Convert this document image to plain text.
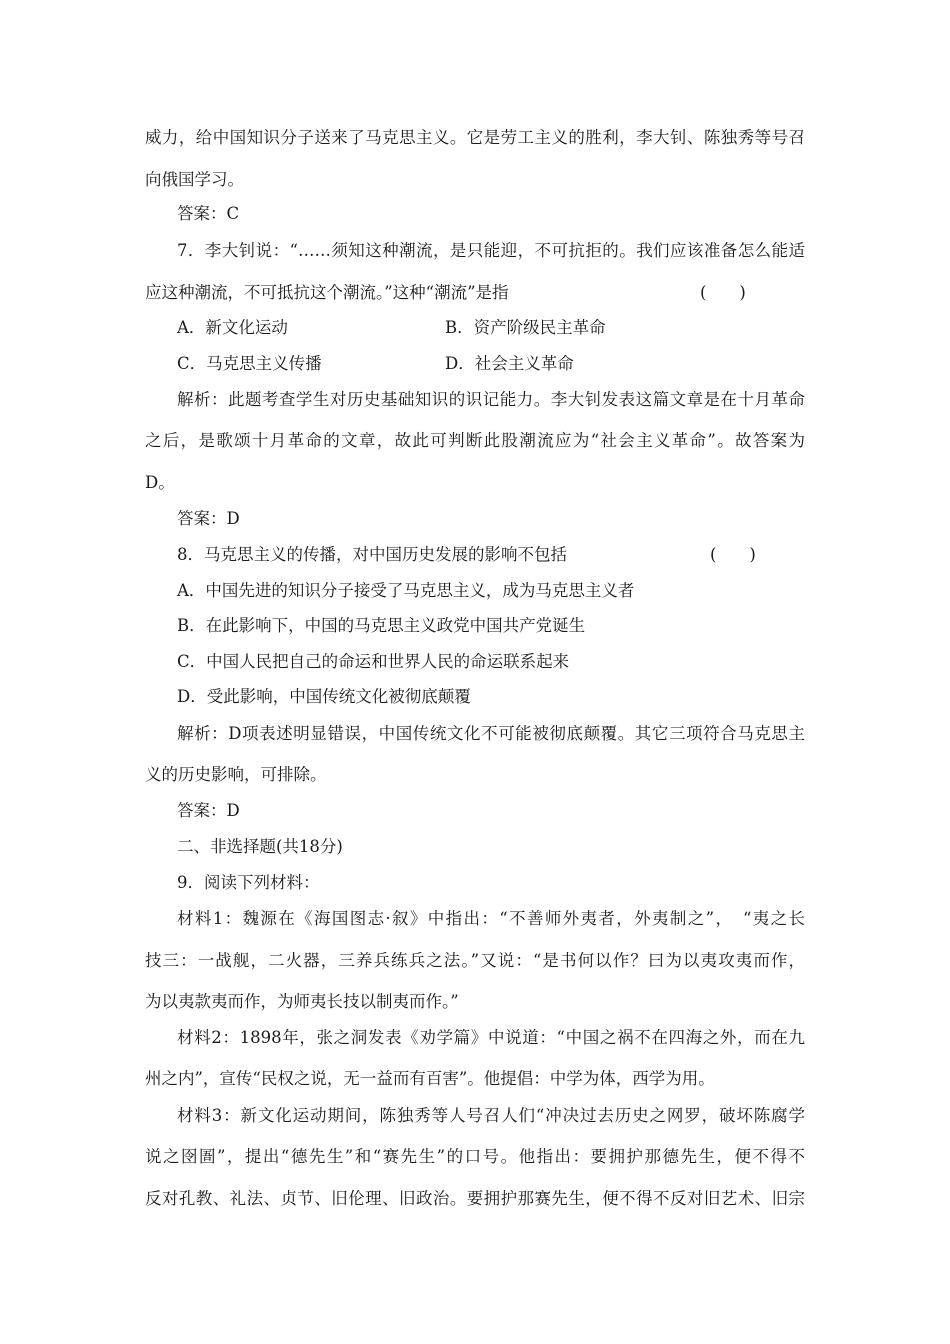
威力，给中国知识分子送来了马克思主义。它是劳工主义的胜利，李大钊、陈独秀等号召
向俄国学习。
答案：C
7．李大钊说：“……须知这种潮流，是只能迎，不可抗拒的。我们应该准备怎么能适
应这种潮流，不可抵抗这个潮流。”这种“潮流”是指	(　　)
A．新文化运动	B．资产阶级民主革命
C．马克思主义传播	D．社会主义革命
解析：此题考查学生对历史基础知识的识记能力。李大钊发表这篇文章是在十月革命
之后，是歌颂十月革命的文章，故此可判断此股潮流应为“社会主义革命”。故答案为
D。
答案：D
8．马克思主义的传播，对中国历史发展的影响不包括	(　　)
A．中国先进的知识分子接受了马克思主义，成为马克思主义者
B．在此影响下，中国的马克思主义政党中国共产党诞生
C．中国人民把自己的命运和世界人民的命运联系起来
D．受此影响，中国传统文化被彻底颠覆
解析：D项表述明显错误，中国传统文化不可能被彻底颠覆。其它三项符合马克思主
义的历史影响，可排除。
答案：D
二、非选择题(共18分)
9．阅读下列材料：
材料1：魏源在《海国图志·叙》中指出：“不善师外夷者，外夷制之”，　“夷之长
技三：一战舰，二火器，三养兵练兵之法。”又说：“是书何以作？曰为以夷攻夷而作，
为以夷款夷而作，为师夷长技以制夷而作。”
材料2：1898年，张之洞发表《劝学篇》中说道：“中国之祸不在四海之外，而在九
州之内”，宣传“民权之说，无一益而有百害”。他提倡：中学为体，西学为用。
材料3：新文化运动期间，陈独秀等人号召人们“冲决过去历史之网罗，破坏陈腐学
说之囹圄”，提出“德先生”和“赛先生”的口号。他指出：要拥护那德先生，便不得不
反对孔教、礼法、贞节、旧伦理、旧政治。要拥护那赛先生，便不得不反对旧艺术、旧宗
